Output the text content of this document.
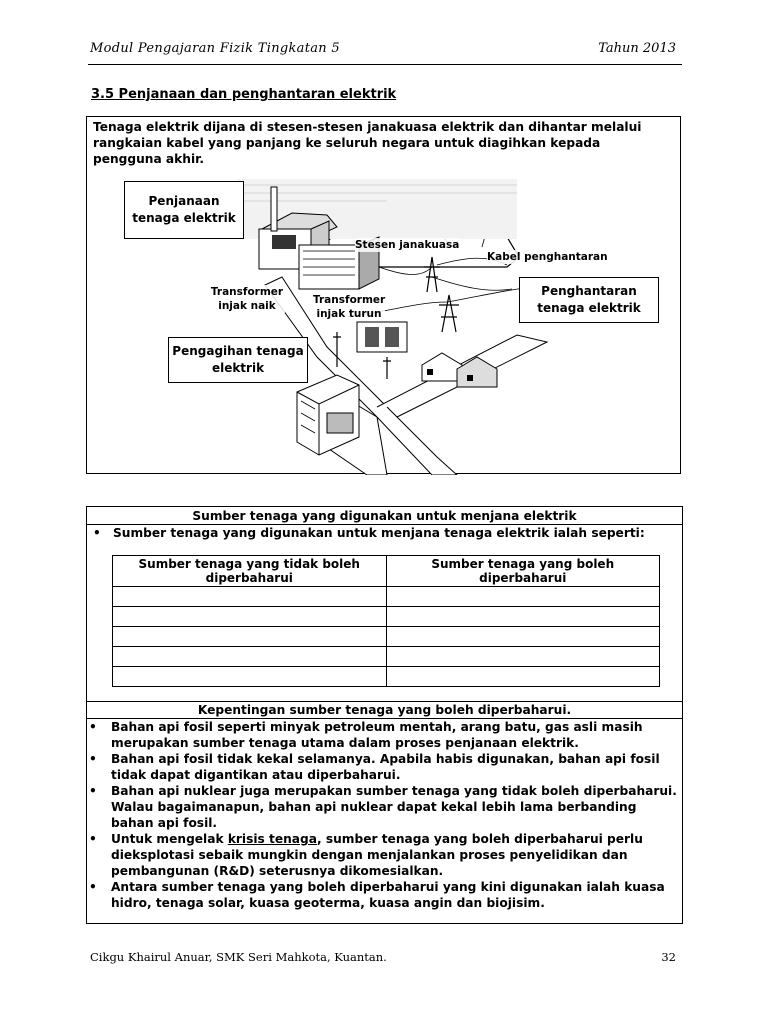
Modul Pengajaran Fizik Tingkatan 5	Tahun 2013
3.5 Penjanaan dan penghantaran elektrik
Tenaga elektrik dijana di stesen-stesen janakuasa elektrik dan dihantar melalui rangkaian kabel yang panjang ke seluruh negara untuk diagihkan kepada pengguna akhir.
Penjanaan tenaga elektrik
Penghantaran tenaga elektrik
Pengagihan tenaga elektrik
Stesen janakuasa
Kabel penghantaran
Transformer injak naik	Transformer injak turun
Sumber tenaga yang digunakan untuk menjana elektrik
• Sumber tenaga yang digunakan untuk menjana tenaga elektrik ialah seperti:
Sumber tenaga yang tidak boleh diperbaharui	Sumber tenaga yang boleh diperbaharui

Kepentingan sumber tenaga yang boleh diperbaharui.
• Bahan api fosil seperti minyak petroleum mentah, arang batu, gas asli masih merupakan sumber tenaga utama dalam proses penjanaan elektrik.
• Bahan api fosil tidak kekal selamanya. Apabila habis digunakan, bahan api fosil tidak dapat digantikan atau diperbaharui.
• Bahan api nuklear juga merupakan sumber tenaga yang tidak boleh diperbaharui. Walau bagaimanapun, bahan api nuklear dapat kekal lebih lama berbanding bahan api fosil.
• Untuk mengelak krisis tenaga, sumber tenaga yang boleh diperbaharui perlu dieksplotasi sebaik mungkin dengan menjalankan proses penyelidikan dan pembangunan (R&D) seterusnya dikomesialkan.
• Antara sumber tenaga yang boleh diperbaharui yang kini digunakan ialah kuasa hidro, tenaga solar, kuasa geoterma, kuasa angin dan biojisim.
Cikgu Khairul Anuar, SMK Seri Mahkota, Kuantan.	32
